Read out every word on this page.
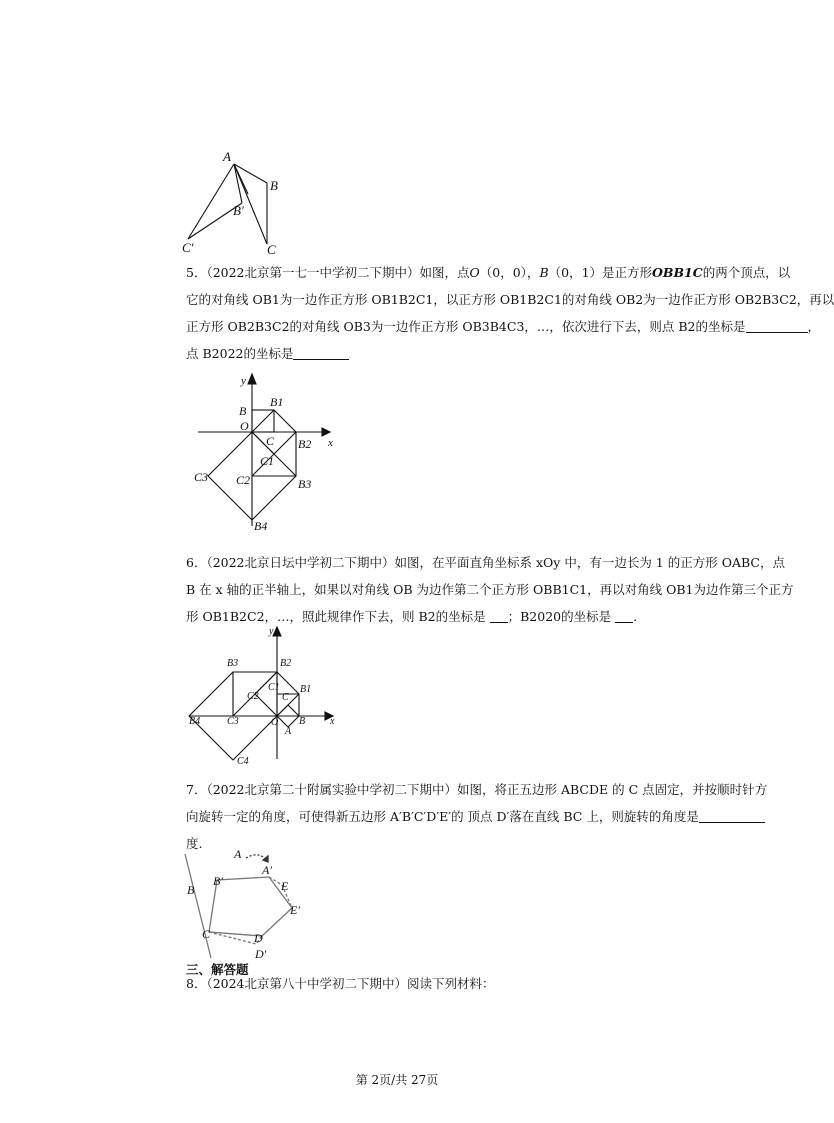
A
B
B′
C
C′
5．（2022北京第一七一中学初二下期中）如图，点O（0，0），B（0，1）是正方形OBB1C的两个顶点，以
它的对角线 OB1为一边作正方形 OB1B2C1，以正方形 OB1B2C1的对角线 OB2为一边作正方形 OB2B3C2，再以
正方形 OB2B3C2的对角线 OB3为一边作正方形 OB3B4C3，…，依次进行下去，则点 B2的坐标是	，
点 B2022的坐标是
y
x
B
B1
O
C B2
C1
C3 C2	B3
B4
6．（2022北京日坛中学初二下期中）如图，在平面直角坐标系 xOy 中，有一边长为 1 的正方形 OABC，点
B 在 x 轴的正半轴上，如果以对角线 OB 为边作第二个正方形 OBB1C1，再以对角线 OB1为边作第三个正方
形 OB1B2C2，…，照此规律作下去，则 B2的坐标是 ；B2020的坐标是 .
y
x
B3	B2
C2
C1
C
B1
B4	C3	O
A
B
C4
7．（2022北京第二十附属实验中学初二下期中）如图，将正五边形 ABCDE 的 C 点固定，并按顺时针方
向旋转一定的角度，可使得新五边形 A′B′C′D′E′的 顶点 D′落在直线 BC 上，则旋转的角度是
度.
A
A′
B
B′	E
E′
C	D
D′
三、解答题
8．（2024北京第八十中学初二下期中）阅读下列材料：
第 2页/共 27页
